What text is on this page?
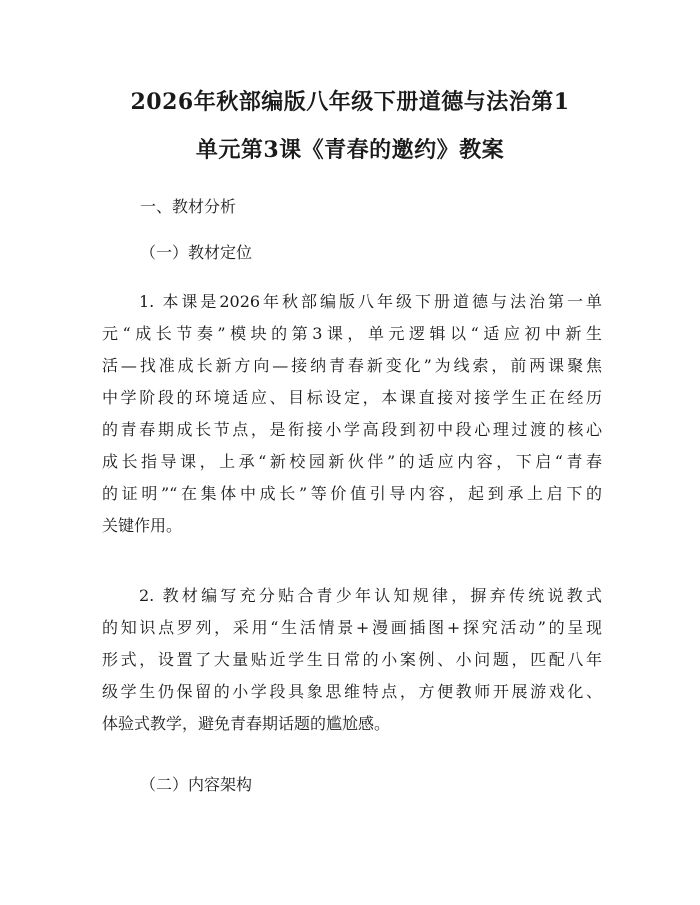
2026年秋部编版八年级下册道德与法治第1
单元第3课《青春的邀约》教案
一、教材分析
（一）教材定位
1. 本课是2026年秋部编版八年级下册道德与法治第一单
元“成长节奏”模块的第3课，单元逻辑以“适应初中新生
活—找准成长新方向—接纳青春新变化”为线索，前两课聚焦
中学阶段的环境适应、目标设定，本课直接对接学生正在经历
的青春期成长节点，是衔接小学高段到初中段心理过渡的核心
成长指导课，上承“新校园新伙伴”的适应内容，下启“青春
的证明”“在集体中成长”等价值引导内容，起到承上启下的
关键作用。
2. 教材编写充分贴合青少年认知规律，摒弃传统说教式
的知识点罗列，采用“生活情景+漫画插图+探究活动”的呈现
形式，设置了大量贴近学生日常的小案例、小问题，匹配八年
级学生仍保留的小学段具象思维特点，方便教师开展游戏化、
体验式教学，避免青春期话题的尴尬感。
（二）内容架构
